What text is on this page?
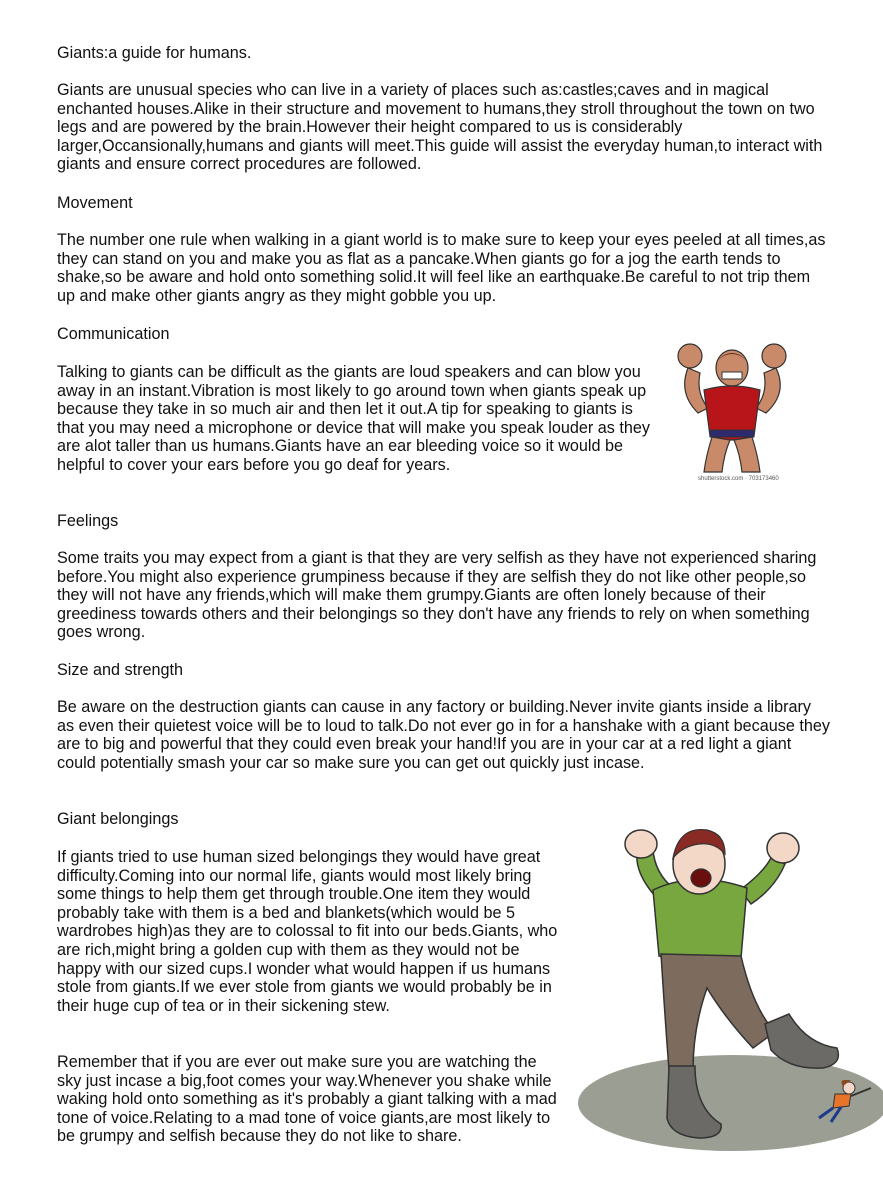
Giants:a guide for humans.

Giants are unusual species who can live in a variety of places such as:castles;caves and in magical enchanted houses.Alike in their structure and movement to humans,they stroll throughout the town on two legs and are powered by the brain.However their height compared to us is considerably larger,Occansionally,humans and giants will meet.This guide will assist the everyday human,to interact with giants and ensure correct procedures are followed.

Movement

The number one rule when walking in a giant world is to make sure to keep your eyes peeled at all times,as they can stand on you and make you as flat as a pancake.When giants go for a jog the earth tends to shake,so be aware and hold onto something solid.It will feel like an earthquake.Be careful to not trip them up and make other giants angry as they might gobble you up.

Communication

Talking to giants can be difficult as the giants are loud speakers and can blow you away in an instant.Vibration is most likely to go around town when giants speak up because they take in so much air and then let it out.A tip for speaking to giants is that you may need a microphone or device that will make you speak louder as they are alot taller than us humans.Giants have an ear bleeding voice so it would be helpful to cover your ears before you go deaf for years.

shutterstock.com · 703173460

Feelings

Some traits you may expect from a giant is that they are very selfish as they have not experienced sharing before.You might also experience grumpiness because if they are selfish they do not like other people,so they will not have any friends,which will make them grumpy.Giants are often lonely because of their greediness towards others and their belongings so they don't have any friends to rely on when something goes wrong.

Size and strength

Be aware on the destruction giants can cause in any factory or building.Never invite giants inside a library as even their quietest voice will be to loud to talk.Do not ever go in for a hanshake with a giant because they are to big and powerful that they could even break your hand!If you are in your car at a red light a giant could potentially smash your car so make sure you can get out quickly just incase.

Giant belongings

If giants tried to use human sized belongings they would have great difficulty.Coming into our normal life, giants would most likely bring some things to help them get through trouble.One item they would probably take with them is a bed and blankets(which would be 5 wardrobes high)as they are to colossal to fit into our beds.Giants, who are rich,might bring a golden cup with them as they would not be happy with our sized cups.I wonder what would happen if us humans stole from giants.If we ever stole from giants we would probably be in their huge cup of tea or in their sickening stew.

Remember that if you are ever out make sure you are watching the sky just incase a big,foot comes your way.Whenever you shake while waking hold onto something as it's probably a giant talking with a mad tone of voice.Relating to a mad tone of voice giants,are most likely to be grumpy and selfish because they do not like to share.
